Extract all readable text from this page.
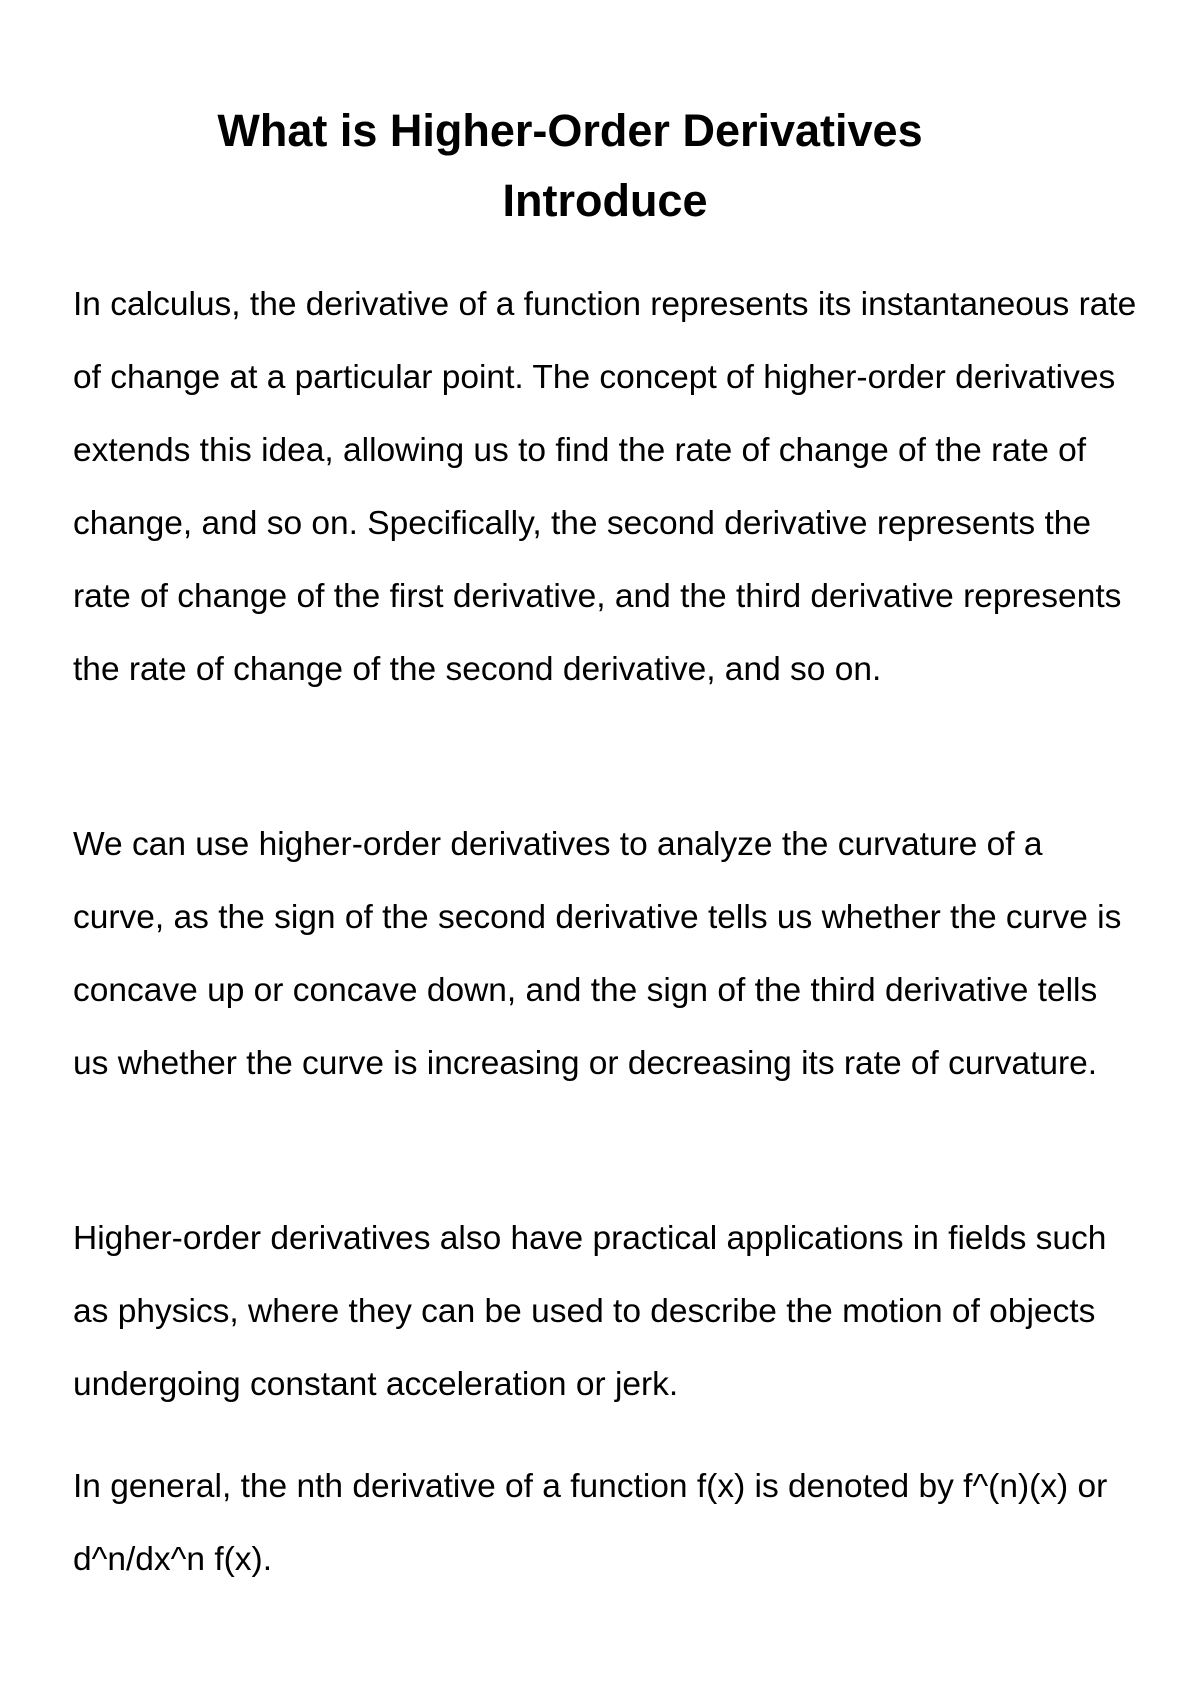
What is Higher-Order Derivatives
Introduce

In calculus, the derivative of a function represents its instantaneous rate of change at a particular point. The concept of higher-order derivatives extends this idea, allowing us to find the rate of change of the rate of change, and so on. Specifically, the second derivative represents the rate of change of the first derivative, and the third derivative represents the rate of change of the second derivative, and so on.

We can use higher-order derivatives to analyze the curvature of a curve, as the sign of the second derivative tells us whether the curve is concave up or concave down, and the sign of the third derivative tells us whether the curve is increasing or decreasing its rate of curvature.

Higher-order derivatives also have practical applications in fields such as physics, where they can be used to describe the motion of objects undergoing constant acceleration or jerk.

In general, the nth derivative of a function f(x) is denoted by f^(n)(x) or d^n/dx^n f(x).
